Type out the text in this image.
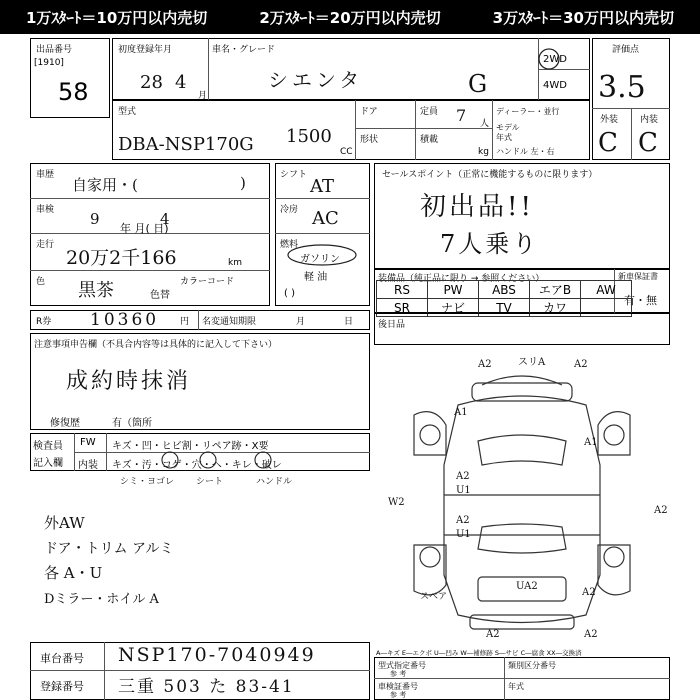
1万ｽﾀｰﾄ＝10万円以内売切	2万ｽﾀｰﾄ＝20万円以内売切	3万ｽﾀｰﾄ＝30万円以内売切
出品番号
[1910]
58
初度登録年月
28 4
月
車名・グレード
シエンタ	G
2WD
4WD
評価点
3.5
外装 内装
C C
型式
DBA-NSP170G 1500
CC
ドア
形状
定員 7 人
積載
kg
ディーラー・並行
モデル
年式
ハンドル 左・右
車歴
自家用・(	)
車検 9	4
年 月( 日)
走行
20万2千166	km
色 黒茶	色替
カラーコード
シフト
AT
冷房 AC
燃料
ガソリン
軽 油
( )
セールスポイント（正常に機能するものに限ります）
初出品!!
7人乗り
装備品（純正品に限り → 参照ください）	新車保証書
有・無
RS	PW	ABS	エアB	AW
SR	ナビ	TV	カワ	
R券 10360 円 名変通知期限	月	日	後日品
注意事項申告欄（不具合内容等は具体的に記入して下さい）
成約時抹消
修復歴	有（箇所
検査員
記入欄
FW キズ・凹・ヒビ割・リペア跡・X要
内装 キズ・汚・コゲ・穴・へ・キレ・破レ
シミ・ヨゴレ シート	ハンドル
外AW
ドア・トリム アルミ
各 A・U
Dミラー・ホイル A
車台番号 NSP170-7040949
登録番号 三重 503 た 83-41
A2	スリA	A2
A1
A1
A2
U1
A2
U1
W2
A2
A2
UA2
A2	A2
スペア
A―キズ E―エクボ U―凹み W―補修跡 S―サビ C―腐食 XX―交換済
型式指定番号
参 考
類別区分番号
車検証番号
参 考
年式
